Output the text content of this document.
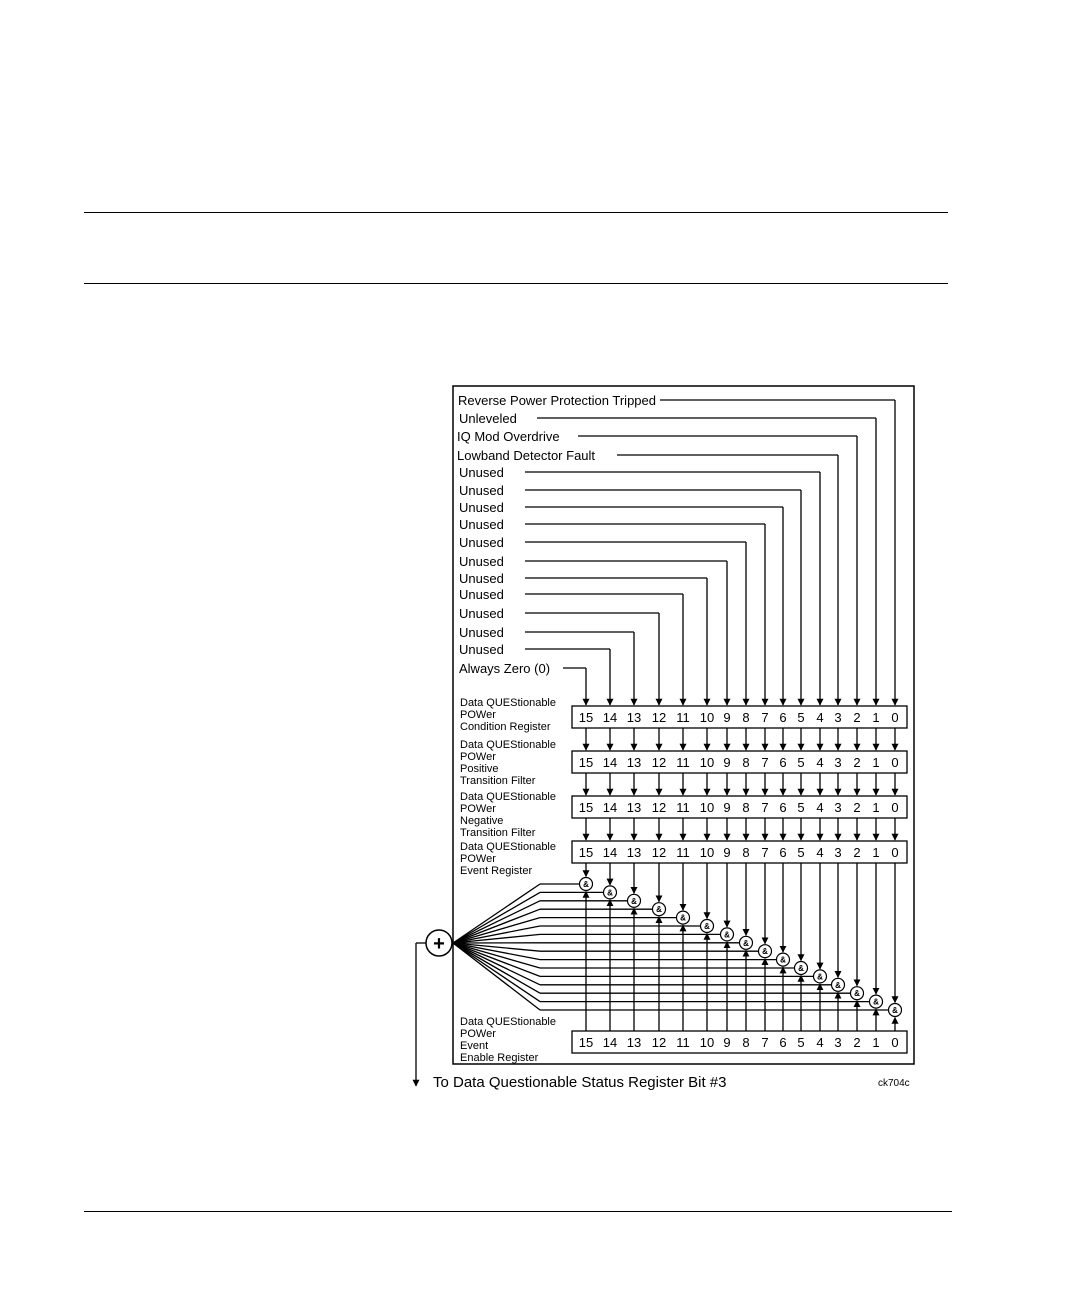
Reverse Power Protection Tripped
Unleveled
IQ Mod Overdrive
Lowband Detector Fault
Unused
Unused
Unused
Unused
Unused
Unused
Unused
Unused
Unused
Unused
Unused
Always Zero (0)
15 14 13 12 11 10 9 8 7 6 5 4 3 2 1 0
Data QUEStionable
POWer
Condition Register
15 14 13 12 11 10 9 8 7 6 5 4 3 2 1 0
Data QUEStionable
POWer
Positive
Transition Filter
15 14 13 12 11 10 9 8 7 6 5 4 3 2 1 0
Data QUEStionable
POWer
Negative
Transition Filter
15 14 13 12 11 10 9 8 7 6 5 4 3 2 1 0
Data QUEStionable
POWer
Event Register
15 14 13 12 11 10 9 8 7 6 5 4 3 2 1 0
Data QUEStionable
POWer
Event
Enable Register
&
&
&
&
&
&
&
&
&
&
&
&
&
&
&
&
+
To Data Questionable Status Register Bit #3	ck704c
